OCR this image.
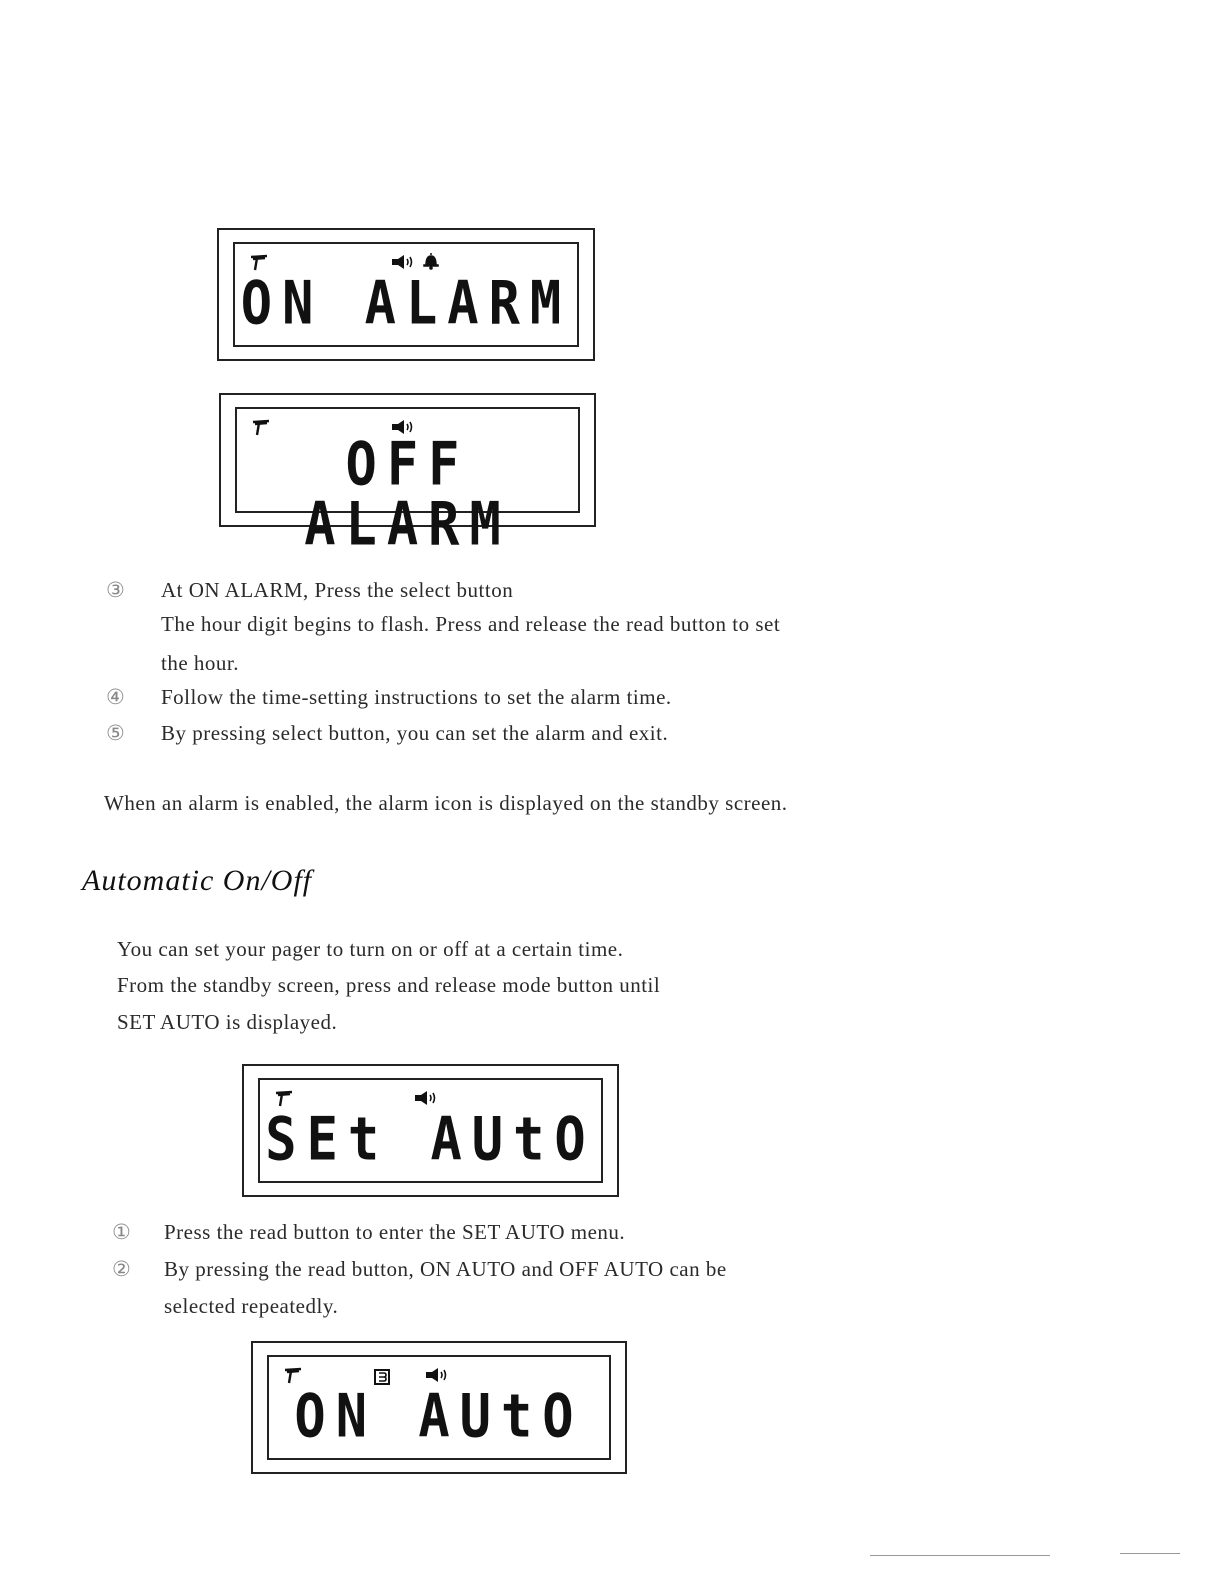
ON ALARM
OFF ALARM
③ At ON ALARM, Press the select button
The hour digit begins to flash. Press and release the read button to set
the hour.
④ Follow the time-setting instructions to set the alarm time.
⑤ By pressing select button, you can set the alarm and exit.
When an alarm is enabled, the alarm icon is displayed on the standby screen.
Automatic On/Off
You can set your pager to turn on or off at a certain time.
From the standby screen, press and release mode button until
SET AUTO is displayed.
SEt AUtO
① Press the read button to enter the SET AUTO menu.
② By pressing the read button, ON AUTO and OFF AUTO can be
selected repeatedly.
ON AUtO
